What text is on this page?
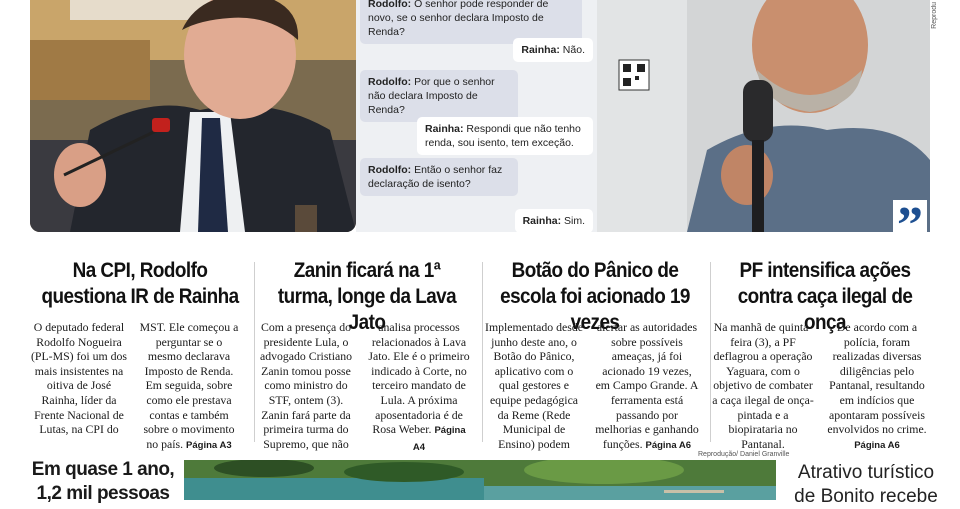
Rodolfo: O senhor pode responder de novo, se o senhor declara Imposto de Renda?
Rainha: Não.
Rodolfo: Por que o senhor não declara Imposto de Renda?
Rainha: Respondi que não tenho renda, sou isento, tem exceção.
Rodolfo: Então o senhor faz declaração de isento?
Rainha: Sim.	”
Reprodu
Na CPI, Rodolfo questiona IR de Rainha
O deputado federal Rodolfo Nogueira (PL-MS) foi um dos mais insistentes na oitiva de José Rainha, líder da Frente Nacional de Lutas, na CPI do
MST. Ele começou a perguntar se o mesmo declarava Imposto de Renda. Em seguida, sobre como ele prestava contas e também sobre o movimento no país. Página A3
Zanin ficará na 1ª turma, longe da Lava Jato
Com a presença do presidente Lula, o advogado Cristiano Zanin tomou posse como ministro do STF, ontem (3). Zanin fará parte da primeira turma do Supremo, que não
analisa processos relacionados à Lava Jato. Ele é o primeiro indicado à Corte, no terceiro mandato de Lula. A próxima aposentadoria é de Rosa Weber. Página A4
Botão do Pânico de escola foi acionado 19 vezes
Implementado desde junho deste ano, o Botão do Pânico, aplicativo com o qual gestores e equipe pedagógica da Reme (Rede Municipal de Ensino) podem
alertar as autoridades sobre possíveis ameaças, já foi acionado 19 vezes, em Campo Grande. A ferramenta está passando por melhorias e ganhando funções. Página A6
PF intensifica ações contra caça ilegal de onça
Na manhã de quinta-feira (3), a PF deflagrou a operação Yaguara, com o objetivo de combater a caça ilegal de onça-pintada e a biopirataria no Pantanal.
De acordo com a polícia, foram realizadas diversas diligências pelo Pantanal, resultando em indícios que apontaram possíveis envolvidos no crime. Página A6
Em quase 1 ano, 1,2 mil pessoas
Reprodução/ Daniel Granville
Atrativo turístico de Bonito recebe
